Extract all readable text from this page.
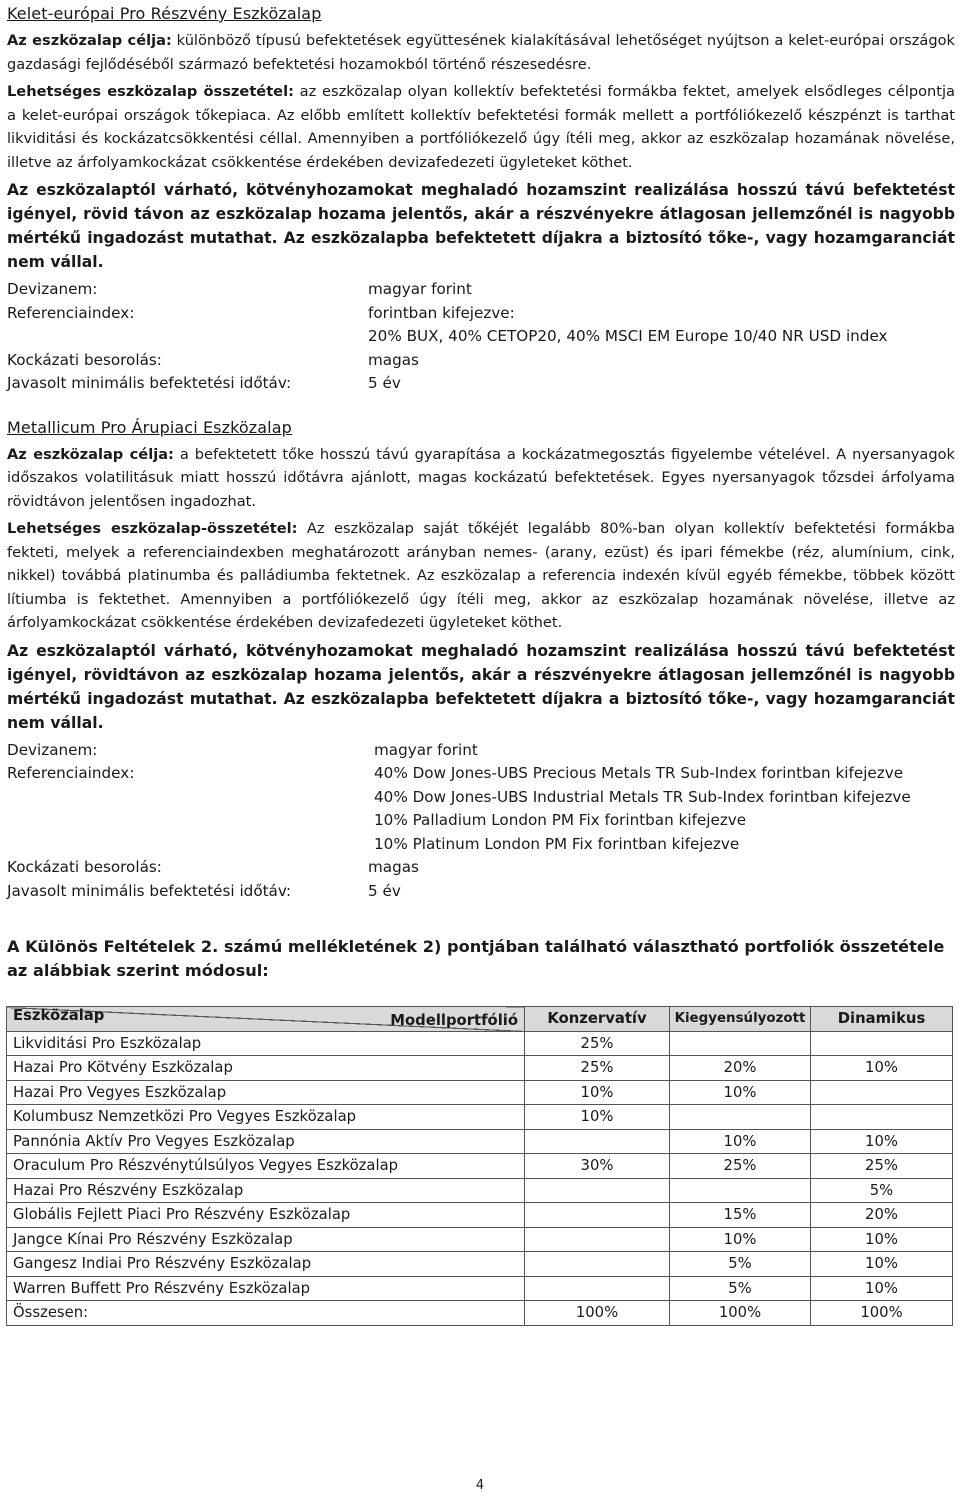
Kelet-európai Pro Részvény Eszközalap

Az eszközalap célja: különböző típusú befektetések együttesének kialakításával lehetőséget nyújtson a kelet-európai országok gazdasági fejlődéséből származó befektetési hozamokból történő részesedésre.

Lehetséges eszközalap összetétel: az eszközalap olyan kollektív befektetési formákba fektet, amelyek elsődleges célpontja a kelet-európai országok tőkepiaca. Az előbb említett kollektív befektetési formák mellett a portfóliókezelő készpénzt is tarthat likviditási és kockázatcsökkentési céllal. Amennyiben a portfóliókezelő úgy ítéli meg, akkor az eszközalap hozamának növelése, illetve az árfolyamkockázat csökkentése érdekében devizafedezeti ügyleteket köthet.

Az eszközalaptól várható, kötvényhozamokat meghaladó hozamszint realizálása hosszú távú befektetést igényel, rövid távon az eszközalap hozama jelentős, akár a részvényekre átlagosan jellemzőnél is nagyobb mértékű ingadozást mutathat. Az eszközalapba befektetett díjakra a biztosító tőke-, vagy hozamgaranciát nem vállal.

Devizanem:	magyar forint
Referenciaindex:	forintban kifejezve:
20% BUX, 40% CETOP20, 40% MSCI EM Europe 10/40 NR USD index
Kockázati besorolás:	magas
Javasolt minimális befektetési időtáv:	5 év
Metallicum Pro Árupiaci Eszközalap

Az eszközalap célja: a befektetett tőke hosszú távú gyarapítása a kockázatmegosztás figyelembe vételével. A nyersanyagok időszakos volatilitásuk miatt hosszú időtávra ajánlott, magas kockázatú befektetések. Egyes nyersanyagok tőzsdei árfolyama rövidtávon jelentősen ingadozhat.

Lehetséges eszközalap-összetétel: Az eszközalap saját tőkéjét legalább 80%-ban olyan kollektív befektetési formákba fekteti, melyek a referenciaindexben meghatározott arányban nemes- (arany, ezüst) és ipari fémekbe (réz, alumínium, cink, nikkel) továbbá platinumba és palládiumba fektetnek. Az eszközalap a referencia indexén kívül egyéb fémekbe, többek között lítiumba is fektethet. Amennyiben a portfóliókezelő úgy ítéli meg, akkor az eszközalap hozamának növelése, illetve az árfolyamkockázat csökkentése érdekében devizafedezeti ügyleteket köthet.

Az eszközalaptól várható, kötvényhozamokat meghaladó hozamszint realizálása hosszú távú befektetést igényel, rövidtávon az eszközalap hozama jelentős, akár a részvényekre átlagosan jellemzőnél is nagyobb mértékű ingadozást mutathat. Az eszközalapba befektetett díjakra a biztosító tőke-, vagy hozamgaranciát nem vállal.

Devizanem:	magyar forint
Referenciaindex:	40% Dow Jones-UBS Precious Metals TR Sub-Index forintban kifejezve
40% Dow Jones-UBS Industrial Metals TR Sub-Index forintban kifejezve
10% Palladium London PM Fix forintban kifejezve
10% Platinum London PM Fix forintban kifejezve
Kockázati besorolás:	magas
Javasolt minimális befektetési időtáv:	5 év
A Különös Feltételek 2. számú mellékletének 2) pontjában található választható portfoliók összetétele az alábbiak szerint módosul:
Modellportfólió
Eszközalap	Konzervatív	Kiegyensúlyozott	Dinamikus
Likviditási Pro Eszközalap	25%		
Hazai Pro Kötvény Eszközalap	25%	20%	10%
Hazai Pro Vegyes Eszközalap	10%	10%	
Kolumbusz Nemzetközi Pro Vegyes Eszközalap	10%		
Pannónia Aktív Pro Vegyes Eszközalap		10%	10%
Oraculum Pro Részvénytúlsúlyos Vegyes Eszközalap	30%	25%	25%
Hazai Pro Részvény Eszközalap			5%
Globális Fejlett Piaci Pro Részvény Eszközalap		15%	20%
Jangce Kínai Pro Részvény Eszközalap		10%	10%
Gangesz Indiai Pro Részvény Eszközalap		5%	10%
Warren Buffett Pro Részvény Eszközalap		5%	10%
Összesen:	100%	100%	100%
4
